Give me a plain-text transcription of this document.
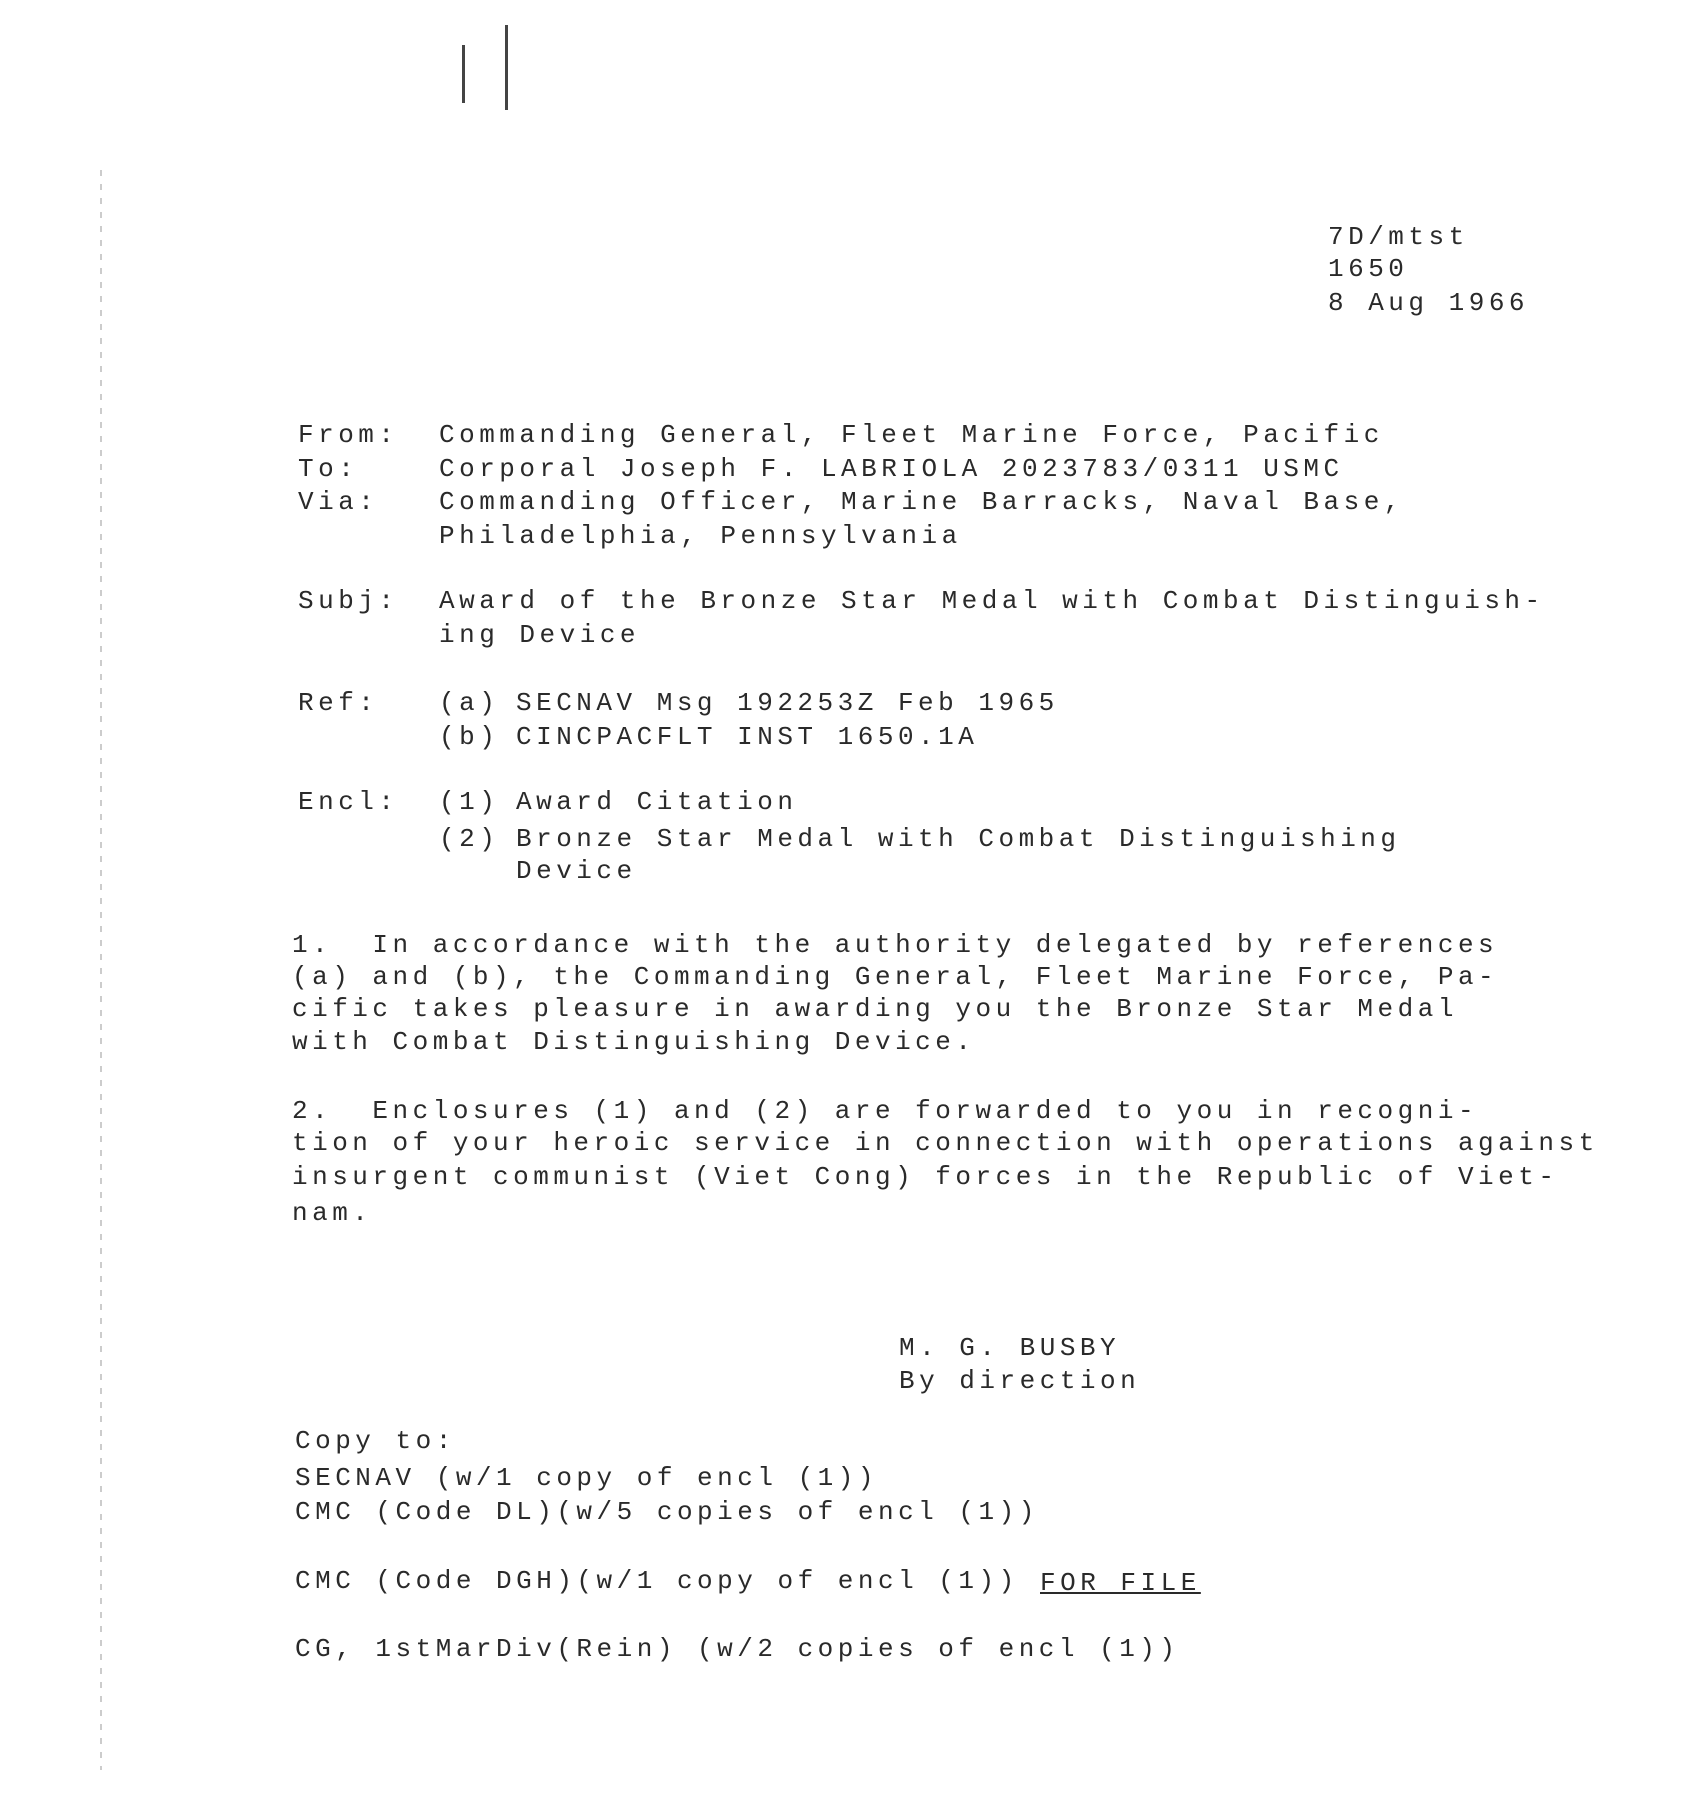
7D/mtst
1650
8 Aug 1966
From: Commanding General, Fleet Marine Force, Pacific
To:	Corporal Joseph F. LABRIOLA 2023783/0311 USMC
Via: Commanding Officer, Marine Barracks, Naval Base,
Philadelphia, Pennsylvania
Subj: Award of the Bronze Star Medal with Combat Distinguish-
ing Device
Ref: (a) SECNAV Msg 192253Z Feb 1965
(b) CINCPACFLT INST 1650.1A
Encl: (1) Award Citation
(2) Bronze Star Medal with Combat Distinguishing
Device
1.  In accordance with the authority delegated by references
(a) and (b), the Commanding General, Fleet Marine Force, Pa-
cific takes pleasure in awarding you the Bronze Star Medal
with Combat Distinguishing Device.
2.  Enclosures (1) and (2) are forwarded to you in recogni-
tion of your heroic service in connection with operations against
insurgent communist (Viet Cong) forces in the Republic of Viet-
nam.
M. G. BUSBY
By direction
Copy to:
SECNAV (w/1 copy of encl (1))
CMC (Code DL)(w/5 copies of encl (1))
CMC (Code DGH)(w/1 copy of encl (1)) FOR FILE
CG, 1stMarDiv(Rein) (w/2 copies of encl (1))
